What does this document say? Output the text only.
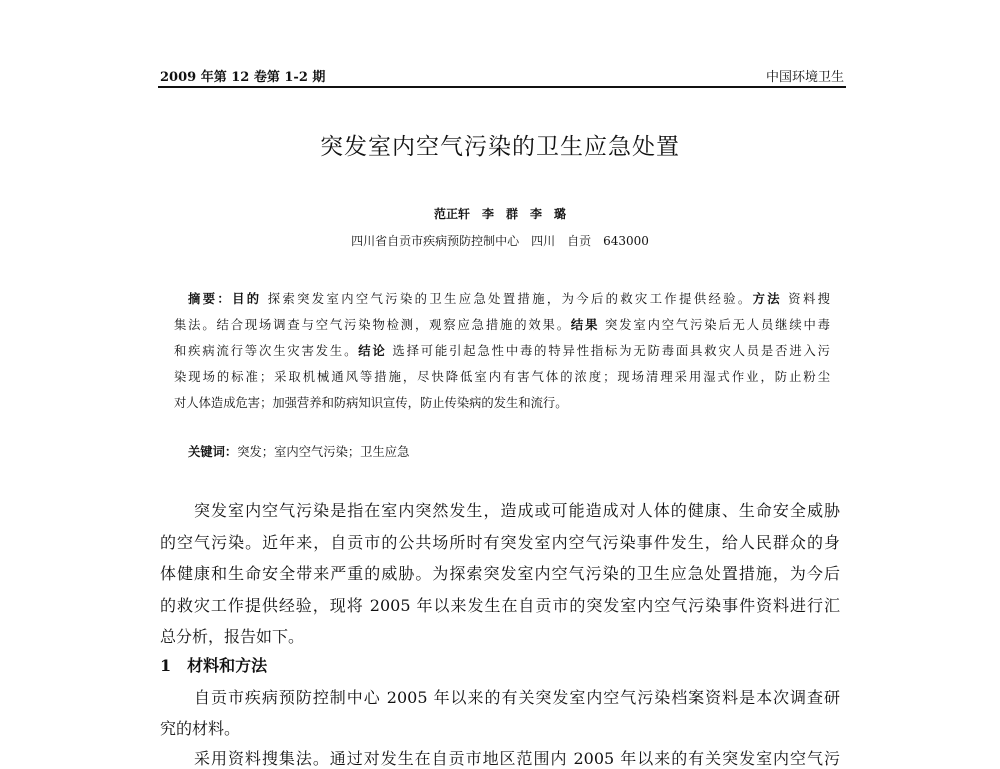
2009 年第 12 卷第 1-2 期	中国环境卫生
突发室内空气污染的卫生应急处置
范正轩　李　群　李　璐
四川省自贡市疾病预防控制中心　四川　自贡　643000
摘要：目的 探索突发室内空气污染的卫生应急处置措施，为今后的救灾工作提供经验。方法 资料搜
集法。结合现场调查与空气污染物检测，观察应急措施的效果。结果 突发室内空气污染后无人员继续中毒
和疾病流行等次生灾害发生。结论 选择可能引起急性中毒的特异性指标为无防毒面具救灾人员是否进入污
染现场的标准；采取机械通风等措施，尽快降低室内有害气体的浓度；现场清理采用湿式作业，防止粉尘
对人体造成危害；加强营养和防病知识宣传，防止传染病的发生和流行。
关键词：突发；室内空气污染；卫生应急
突发室内空气污染是指在室内突然发生，造成或可能造成对人体的健康、生命安全威胁
的空气污染。近年来，自贡市的公共场所时有突发室内空气污染事件发生，给人民群众的身
体健康和生命安全带来严重的威胁。为探索突发室内空气污染的卫生应急处置措施，为今后
的救灾工作提供经验，现将 2005 年以来发生在自贡市的突发室内空气污染事件资料进行汇
总分析，报告如下。
1　材料和方法
自贡市疾病预防控制中心 2005 年以来的有关突发室内空气污染档案资料是本次调查研
究的材料。
采用资料搜集法。通过对发生在自贡市地区范围内 2005 年以来的有关突发室内空气污
